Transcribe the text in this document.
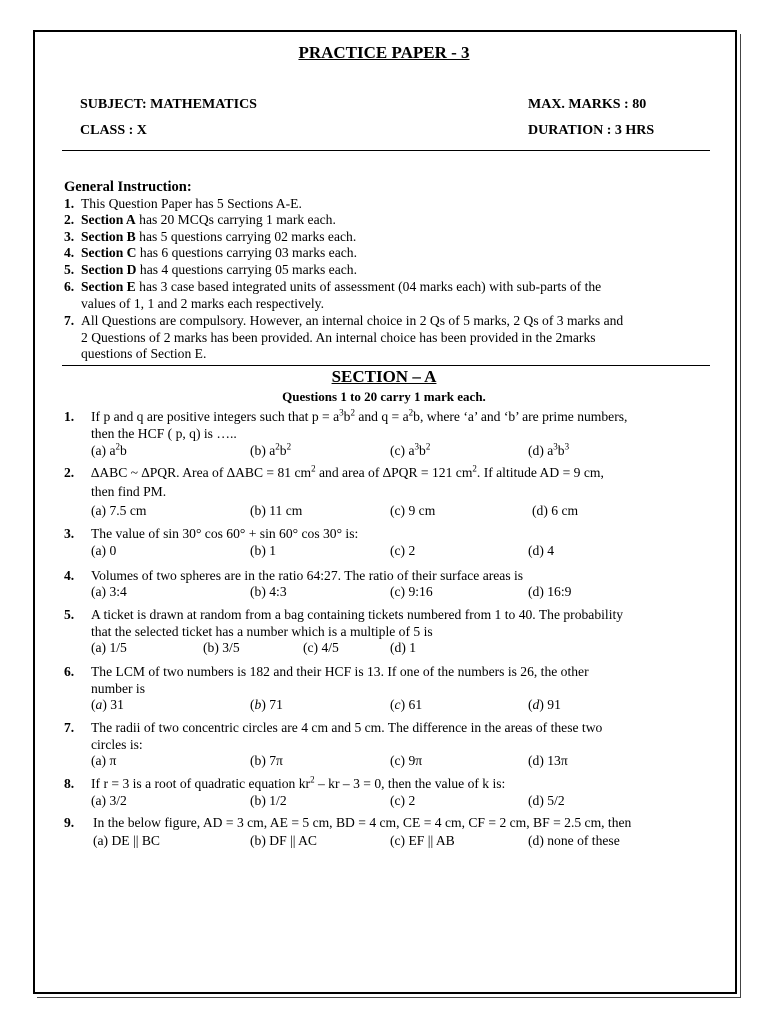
PRACTICE PAPER - 3
SUBJECT: MATHEMATICS	MAX. MARKS : 80
CLASS : X	DURATION : 3 HRS
General Instruction:
1. This Question Paper has 5 Sections A-E.
2. Section A has 20 MCQs carrying 1 mark each.
3. Section B has 5 questions carrying 02 marks each.
4. Section C has 6 questions carrying 03 marks each.
5. Section D has 4 questions carrying 05 marks each.
6. Section E has 3 case based integrated units of assessment (04 marks each) with sub-parts of the
values of 1, 1 and 2 marks each respectively.
7. All Questions are compulsory. However, an internal choice in 2 Qs of 5 marks, 2 Qs of 3 marks and
2 Questions of 2 marks has been provided. An internal choice has been provided in the 2marks
questions of Section E.
SECTION – A
Questions 1 to 20 carry 1 mark each.
1. If p and q are positive integers such that $p = a^3b^2$ and $q = a^2b$, where ‘a’ and ‘b’ are prime numbers,
then the HCF ( p, q) is …..
(a) $a^2b$	(b) $a^2b^2$	(c) $a^3b^2$	(d) $a^3b^3$
2. ∆ABC ~ ∆PQR. Area of ∆ABC = 81 $cm^2$ and area of ∆PQR = 121 $cm^2$. If altitude AD = 9 cm,
then find PM.
(a) 7.5 cm	(b) 11 cm	(c) 9 cm	(d) 6 cm
3. The value of sin 30° cos 60° + sin 60° cos 30° is:
(a) 0	(b) 1	(c) 2	(d) 4
4. Volumes of two spheres are in the ratio 64:27. The ratio of their surface areas is
(a) 3:4	(b) 4:3	(c) 9:16	(d) 16:9
5. A ticket is drawn at random from a bag containing tickets numbered from 1 to 40. The probability
that the selected ticket has a number which is a multiple of 5 is
(a) 1/5	(b) 3/5	(c) 4/5	(d) 1
6. The LCM of two numbers is 182 and their HCF is 13. If one of the numbers is 26, the other
number is
(a) 31	(b) 71	(c) 61	(d) 91
7. The radii of two concentric circles are 4 cm and 5 cm. The difference in the areas of these two
circles is:
(a) π	(b) 7π	(c) 9π	(d) 13π
8. If r = 3 is a root of quadratic equation $kr^2$ – kr – 3 = 0, then the value of k is:
(a) 3/2	(b) 1/2	(c) 2	(d) 5/2
9. In the below figure, AD = 3 cm, AE = 5 cm, BD = 4 cm, CE = 4 cm, CF = 2 cm, BF = 2.5 cm, then
(a) DE || BC	(b) DF || AC	(c) EF || AB	(d) none of these
